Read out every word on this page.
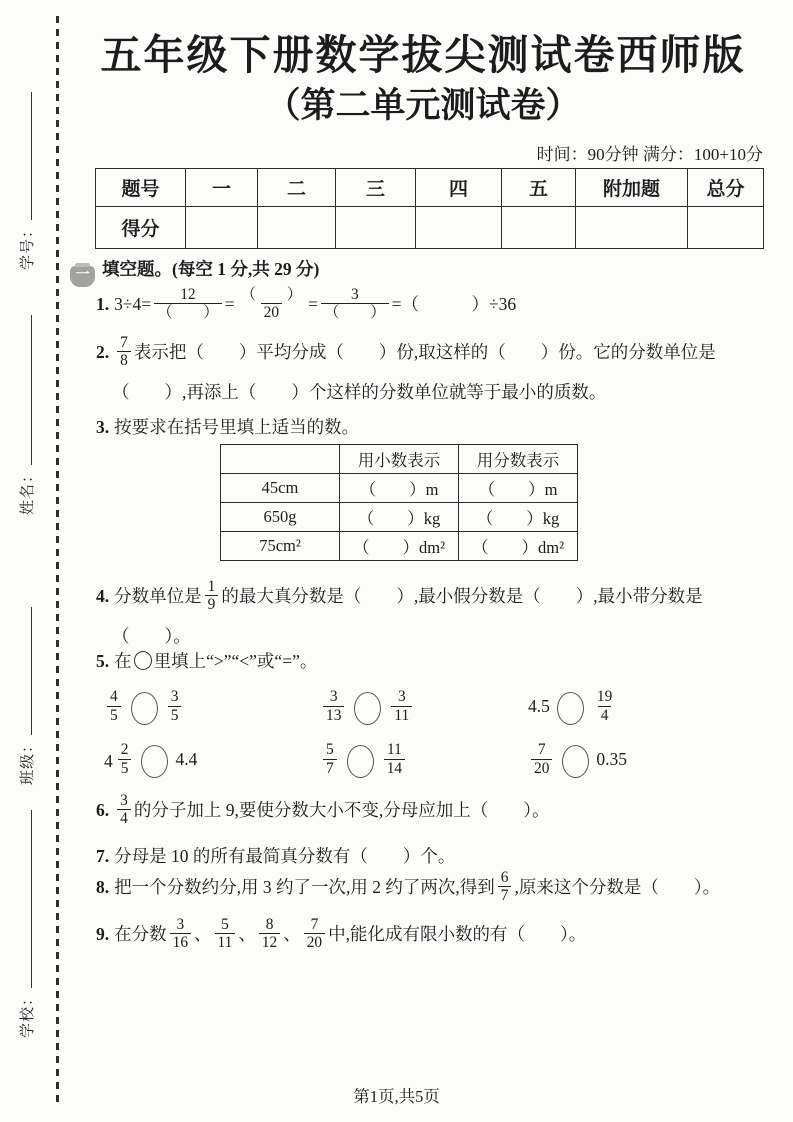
学号：
姓名：
班级：
学校：
五年级下册数学拔尖测试卷西师版
（第二单元测试卷）
时间：90分钟 满分：100+10分
题号	一	二	三	四	五	附加题	总分
得分							
一 填空题。(每空 1 分,共 29 分)
1. $3\div 4= \frac{12}{( )} = \frac{( )}{20} = \frac{3}{( )}$ =（　　　）÷36
2. $\frac{7}{8}$ 表示把（　　）平均分成（　　）份,取这样的（　　）份。它的分数单位是
（　　）,再添上（　　）个这样的分数单位就等于最小的质数。
3. 按要求在括号里填上适当的数。
	用小数表示	用分数表示
45cm	（　　）m	（　　）m
650g	（　　）kg	（　　）kg
75cm²	（　　）dm²	（　　）dm²
4. 分数单位是 $\frac{1}{9}$ 的最大真分数是（　　）,最小假分数是（　　）,最小带分数是
（　　）。
5. 在 里填上“>”“<”或“=”。
$\frac{4}{5}$	$\frac{3}{5}$	$\frac{3}{13}$	$\frac{3}{11}$	4.5	$\frac{19}{4}$
$4 \frac{2}{5}$	4.4	$\frac{5}{7}$	$\frac{11}{14}$	$\frac{7}{20}$	0.35
6. $\frac{3}{4}$ 的分子加上 9,要使分数大小不变,分母应加上（　　）。
7. 分母是 10 的所有最简真分数有（　　）个。
8. 把一个分数约分,用 3 约了一次,用 2 约了两次,得到 $\frac{6}{7}$ ,原来这个分数是（　　）。
9. 在分数 $\frac{3}{16}$ 、 $\frac{5}{11}$ 、 $\frac{8}{12}$ 、 $\frac{7}{20}$ 中,能化成有限小数的有（　　）。
第1页,共5页
